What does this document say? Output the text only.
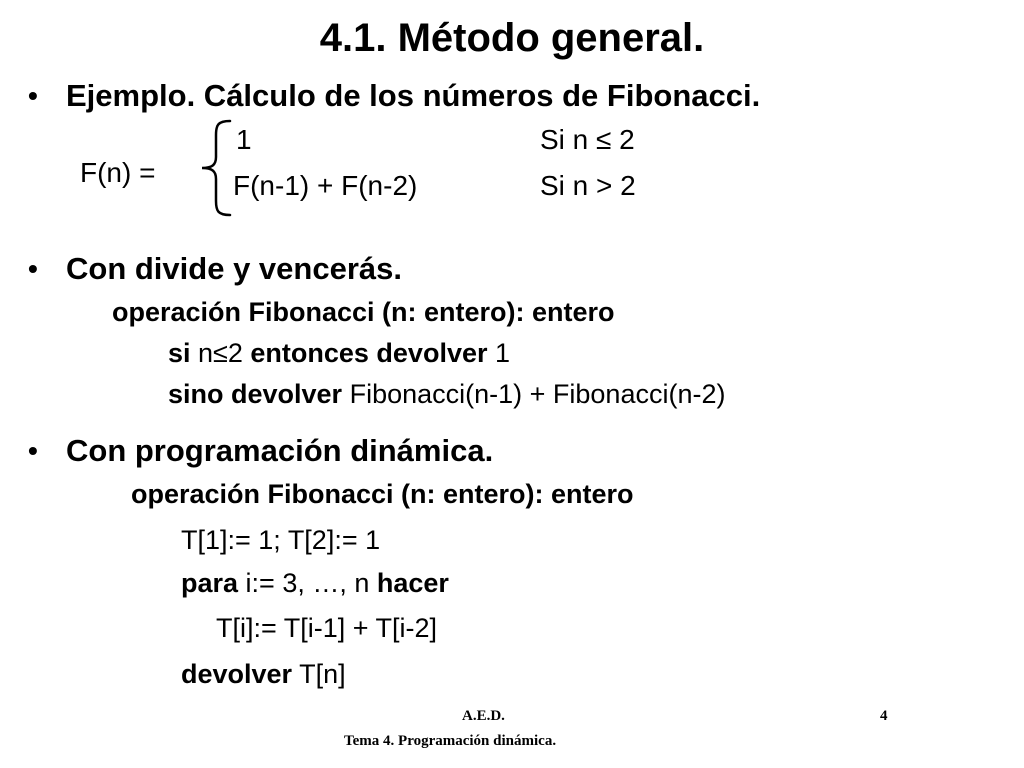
4.1. Método general.
• Ejemplo. Cálculo de los números de Fibonacci.
F(n) =
1	Si n ≤ 2
F(n-1) + F(n-2)	Si n > 2
• Con divide y vencerás.
operación Fibonacci (n: entero): entero
si n≤2 entonces devolver 1
sino devolver Fibonacci(n-1) + Fibonacci(n-2)
• Con programación dinámica.
operación Fibonacci (n: entero): entero
T[1]:= 1; T[2]:= 1
para i:= 3, …, n hacer
T[i]:= T[i-1] + T[i-2]
devolver T[n]
A.E.D.	4
Tema 4. Programación dinámica.
